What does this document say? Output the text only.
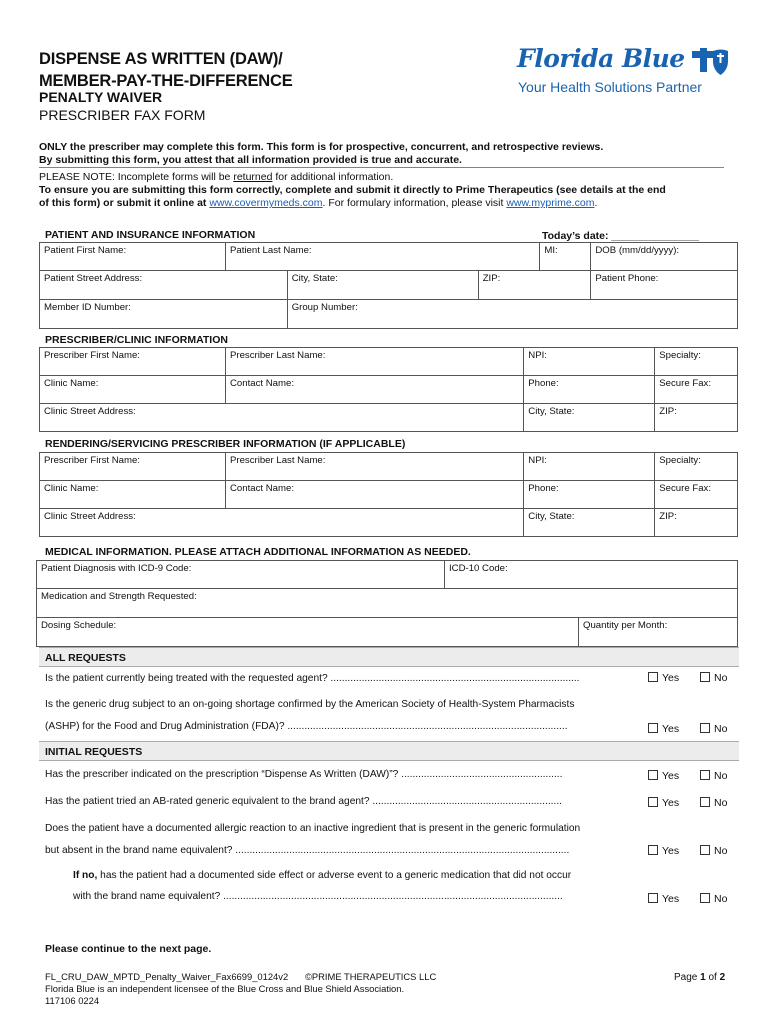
DISPENSE AS WRITTEN (DAW)/
MEMBER-PAY-THE-DIFFERENCE
PENALTY WAIVER
PRESCRIBER FAX FORM
Florida Blue
Your Health Solutions Partner
ONLY the prescriber may complete this form. This form is for prospective, concurrent, and retrospective reviews.
By submitting this form, you attest that all information provided is true and accurate.
PLEASE NOTE: Incomplete forms will be returned for additional information.
To ensure you are submitting this form correctly, complete and submit it directly to Prime Therapeutics (see details at the end
of this form) or submit it online at www.covermymeds.com. For formulary information, please visit www.myprime.com.
PATIENT AND INSURANCE INFORMATION	Today’s date: _______________
Patient First Name:	Patient Last Name:			MI:	DOB (mm/dd/yyyy):
Patient Street Address:		City, State:	ZIP:		Patient Phone:
Member ID Number:		Group Number:			
PRESCRIBER/CLINIC INFORMATION
Prescriber First Name:	Prescriber Last Name:	NPI:	Specialty:
Clinic Name:	Contact Name:	Phone:	Secure Fax:
Clinic Street Address:		City, State:	ZIP:
RENDERING/SERVICING PRESCRIBER INFORMATION (IF APPLICABLE)
Prescriber First Name:	Prescriber Last Name:	NPI:	Specialty:
Clinic Name:	Contact Name:	Phone:	Secure Fax:
Clinic Street Address:		City, State:	ZIP:
MEDICAL INFORMATION. PLEASE ATTACH ADDITIONAL INFORMATION AS NEEDED.
Patient Diagnosis with ICD-9 Code:	ICD-10 Code:	
Medication and Strength Requested:		
Dosing Schedule:		Quantity per Month:
ALL REQUESTS
Is the patient currently being treated with the requested agent? ........................................................................................	Yes	No
Is the generic drug subject to an on-going shortage confirmed by the American Society of Health-System Pharmacists
(ASHP) for the Food and Drug Administration (FDA)? ...................................................................................................	Yes	No
INITIAL REQUESTS
Has the prescriber indicated on the prescription “Dispense As Written (DAW)”? .........................................................	Yes	No
Has the patient tried an AB-rated generic equivalent to the brand agent? ...................................................................	Yes	No
Does the patient have a documented allergic reaction to an inactive ingredient that is present in the generic formulation
but absent in the brand name equivalent? ......................................................................................................................	Yes	No
If no, has the patient had a documented side effect or adverse event to a generic medication that did not occur
with the brand name equivalent? ........................................................................................................................	Yes	No
Please continue to the next page.
FL_CRU_DAW_MPTD_Penalty_Waiver_Fax6699_0124v2
Florida Blue is an independent licensee of the Blue Cross and Blue Shield Association.
117106 0224
©PRIME THERAPEUTICS LLC	Page 1 of 2
